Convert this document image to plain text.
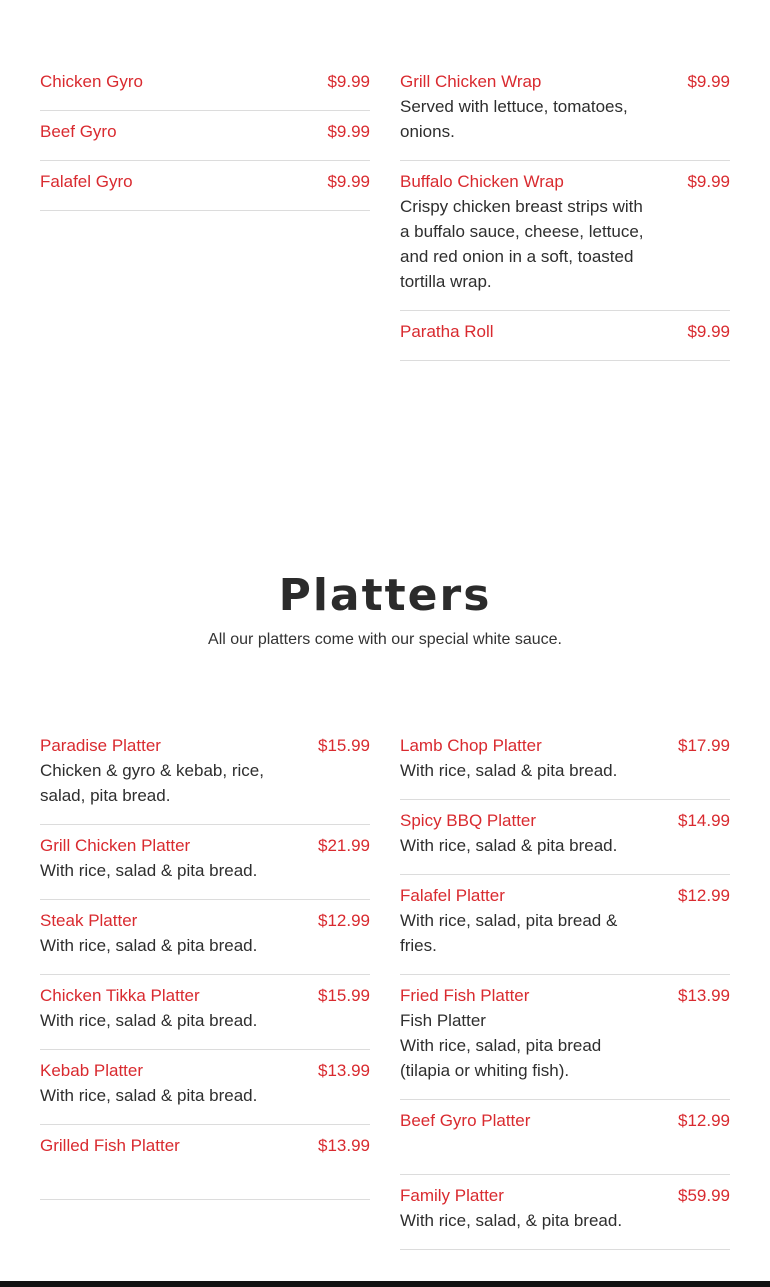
Chicken Gyro	$9.99
Beef Gyro	$9.99
Falafel Gyro	$9.99
Grill Chicken Wrap	$9.99
Served with lettuce, tomatoes,
onions.
Buffalo Chicken Wrap	$9.99
Crispy chicken breast strips with
a buffalo sauce, cheese, lettuce,
and red onion in a soft, toasted
tortilla wrap.
Paratha Roll	$9.99
Platters

All our platters come with our special white sauce.

Paradise Platter	$15.99
Chicken & gyro & kebab, rice,
salad, pita bread.
Grill Chicken Platter	$21.99
With rice, salad & pita bread.
Steak Platter	$12.99
With rice, salad & pita bread.
Chicken Tikka Platter	$15.99
With rice, salad & pita bread.
Kebab Platter	$13.99
With rice, salad & pita bread.
Grilled Fish Platter	$13.99

Lamb Chop Platter	$17.99
With rice, salad & pita bread.
Spicy BBQ Platter	$14.99
With rice, salad & pita bread.
Falafel Platter	$12.99
With rice, salad, pita bread &
fries.
Fried Fish Platter	$13.99
Fish Platter
With rice, salad, pita bread
(tilapia or whiting fish).
Beef Gyro Platter	$12.99

Family Platter	$59.99
With rice, salad, & pita bread.
